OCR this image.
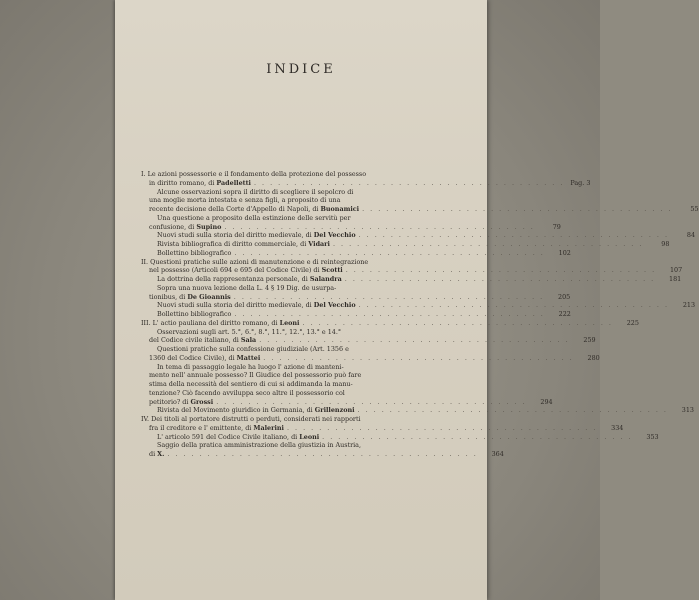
INDICE
I. Le azioni possessorie e il fondamento della protezione del possesso
in diritto romano, di Padelletti . . . . . . . . . . . . . . . . . . . . . . . . . . . . . . . . . . . . . . . Pag. 3
Alcune osservazioni sopra il diritto di scegliere il sepolcro di
una moglie morta intestata e senza figli, a proposito di una
recente decisione della Corte d'Appello di Napoli, di Buonamici . . . . . . . . . . . . . . . . . . . . . . . . . . . . . . . . . . . . . . .	55
Una questione a proposito della estinzione delle servitù per
confusione, di Supino . . . . . . . . . . . . . . . . . . . . . . . . . . . . . . . . . . . . . . .	79
Nuovi studi sulla storia del diritto medievale, di Del Vecchio . . . . . . . . . . . . . . . . . . . . . . . . . . . . . . . . . . . . . . .	84
Rivista bibliografica di diritto commerciale, di Vidari . . . . . . . . . . . . . . . . . . . . . . . . . . . . . . . . . . . . . . .	98
Bollettino bibliografico . . . . . . . . . . . . . . . . . . . . . . . . . . . . . . . . . . . . . . .	102
II. Questioni pratiche sulle azioni di manutenzione e di reintegrazione
nel possesso (Articoli 694 e 695 del Codice Civile) di Scotti . . . . . . . . . . . . . . . . . . . . . . . . . . . . . . . . . . . . . . .	107
La dottrina della rappresentanza personale, di Salandra . . . . . . . . . . . . . . . . . . . . . . . . . . . . . . . . . . . . . . .	181
Sopra una nuova lezione della L. 4 § 19 Dig. de usurpa-
tionibus, di De Gioannis . . . . . . . . . . . . . . . . . . . . . . . . . . . . . . . . . . . . . . .	205
Nuovi studi sulla storia del diritto medievale, di Del Vecchio . . . . . . . . . . . . . . . . . . . . . . . . . . . . . . . . . . . . . . .	213
Bollettino bibliografico . . . . . . . . . . . . . . . . . . . . . . . . . . . . . . . . . . . . . . .	222
III. L' actio pauliana del diritto romano, di Leoni . . . . . . . . . . . . . . . . . . . . . . . . . . . . . . . . . . . . . . .	225
Osservazioni sugli art. 5.°, 6.°, 8.°, 11.°, 12.°, 13.° e 14.°
del Codice civile italiano, di Sala . . . . . . . . . . . . . . . . . . . . . . . . . . . . . . . . . . . . . . .	259
Questioni pratiche sulla confessione giudiziale (Art. 1356 e
1360 del Codice Civile), di Mattei . . . . . . . . . . . . . . . . . . . . . . . . . . . . . . . . . . . . . . .	280
In tema di passaggio legale ha luogo l' azione di manteni-
mento nell' annuale possesso? Il Giudice del possessorio può fare
stima della necessità del sentiero di cui si addimanda la manu-
tenzione? Ciò facendo avviluppa seco altre il possessorio col
petitorio? di Grossi . . . . . . . . . . . . . . . . . . . . . . . . . . . . . . . . . . . . . . .	294
Rivista del Movimento giuridico in Germania, di Grillenzoni . . . . . . . . . . . . . . . . . . . . . . . . . . . . . . . . . . . . . . .	313
IV. Dei titoli al portatore distrutti o perduti, considerati nei rapporti
fra il creditore e l' emittente, di Malerini . . . . . . . . . . . . . . . . . . . . . . . . . . . . . . . . . . . . . . .	334
L' articolo 591 del Codice Civile italiano, di Leoni . . . . . . . . . . . . . . . . . . . . . . . . . . . . . . . . . . . . . . .	353
Saggio della pratica amministrazione della giustizia in Austria,
di X. . . . . . . . . . . . . . . . . . . . . . . . . . . . . . . . . . . . . . . .	364
